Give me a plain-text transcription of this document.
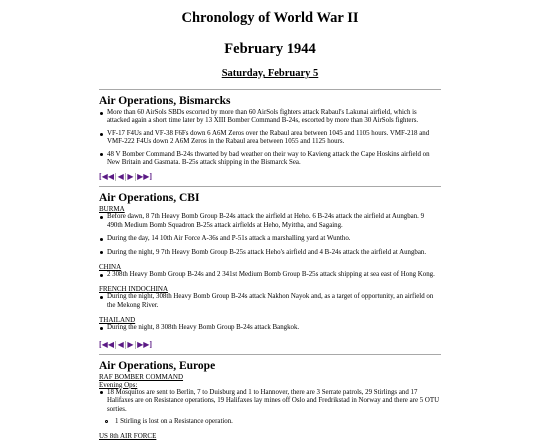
Chronology of World War II
February 1944
Saturday, February 5
Air Operations, Bismarcks
More than 60 AirSols SBDs escorted by more than 60 AirSols fighters attack Rabaul's Lakunai airfield, which is attacked again a short time later by 13 XIII Bomber Command B-24s, escorted by more than 30 AirSols fighters.
VF-17 F4Us and VF-38 F6Fs down 6 A6M Zeros over the Rabaul area between 1045 and 1105 hours. VMF-218 and VMF-222 F4Us down 2 A6M Zeros in the Rabaul area between 1055 and 1125 hours.
48 V Bomber Command B-24s thwarted by bad weather on their way to Kavieng attack the Cape Hoskins airfield on New Britain and Gasmata. B-25s attack shipping in the Bismarck Sea.
[◀◀ | ◀ | ▶ | ▶▶]
Air Operations, CBI
BURMA
Before dawn, 8 7th Heavy Bomb Group B-24s attack the airfield at Heho. 6 B-24s attack the airfield at Aungban. 9 490th Medium Bomb Squadron B-25s attack airfields at Heho, Myittha, and Sagaing.
During the day, 14 10th Air Force A-36s and P-51s attack a marshalling yard at Wuntho.
During the night, 9 7th Heavy Bomb Group B-25s attack Heho's airfield and 4 B-24s attack the airfield at Aungban.
CHINA
2 308th Heavy Bomb Group B-24s and 2 341st Medium Bomb Group B-25s attack shipping at sea east of Hong Kong.
FRENCH INDOCHINA
During the night, 308th Heavy Bomb Group B-24s attack Nakhon Nayok and, as a target of opportunity, an airfield on the Mekong River.
THAILAND
During the night, 8 308th Heavy Bomb Group B-24s attack Bangkok.
[◀◀ | ◀ | ▶ | ▶▶]
Air Operations, Europe
RAF BOMBER COMMAND
Evening Ops:
18 Mosquitos are sent to Berlin, 7 to Duisburg and 1 to Hannover, there are 3 Serrate patrols, 29 Stirlings and 17 Halifaxes are on Resistance operations, 19 Halifaxes lay mines off Oslo and Fredrikstad in Norway and there are 5 OTU sorties.
1 Stirling is lost on a Resistance operation.
US 8th AIR FORCE
